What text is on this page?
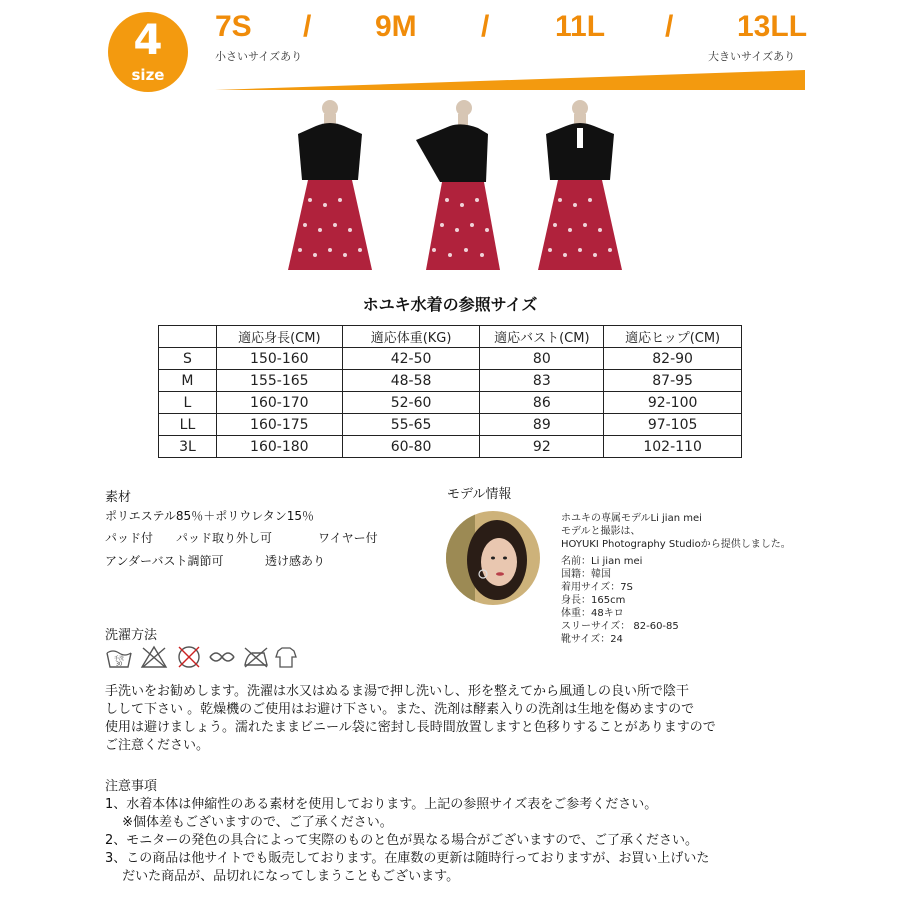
4
size
7S / 9M / 11L / 13LL
小さいサイズあり	大きいサイズあり
ホユキ水着の参照サイズ
	適応身長(CM)	適応体重(KG)	適応バスト(CM)	適応ヒップ(CM)
S	150-160	42-50	80	82-90
M	155-165	48-58	83	87-95
L	160-170	52-60	86	92-100
LL	160-175	55-65	89	97-105
3L	160-180	60-80	92	102-110
素材
ポリエステル85％＋ポリウレタン15％
パッド付 パッド取り外し可	ワイヤー付
アンダーバスト調節可	透け感あり
モデル情報
ホユキの専属モデルLi jian mei
モデルと撮影は、
HOYUKI Photography Studioから提供しました。
名前：Li jian mei
国籍：韓国
着用サイズ：7S
身長：165cm
体重：48キロ
スリーサイズ： 82-60-85
靴サイズ：24
洗濯方法
手洗
30
手洗いをお勧めします。洗濯は水又はぬるま湯で押し洗いし、形を整えてから風通しの良い所で陰干
しして下さい 。乾燥機のご使用はお避け下さい。また、洗剤は酵素入りの洗剤は生地を傷めますので
使用は避けましょう。濡れたままビニール袋に密封し長時間放置しますと色移りすることがありますので
ご注意ください。
注意事項
1、水着本体は伸縮性のある素材を使用しております。上記の参照サイズ表をご参考ください。
　 ※個体差もございますので、ご了承ください。
2、モニターの発色の具合によって実際のものと色が異なる場合がございますので、ご了承ください。
3、この商品は他サイトでも販売しております。在庫数の更新は随時行っておりますが、お買い上げいた
　 だいた商品が、品切れになってしまうこともございます。
